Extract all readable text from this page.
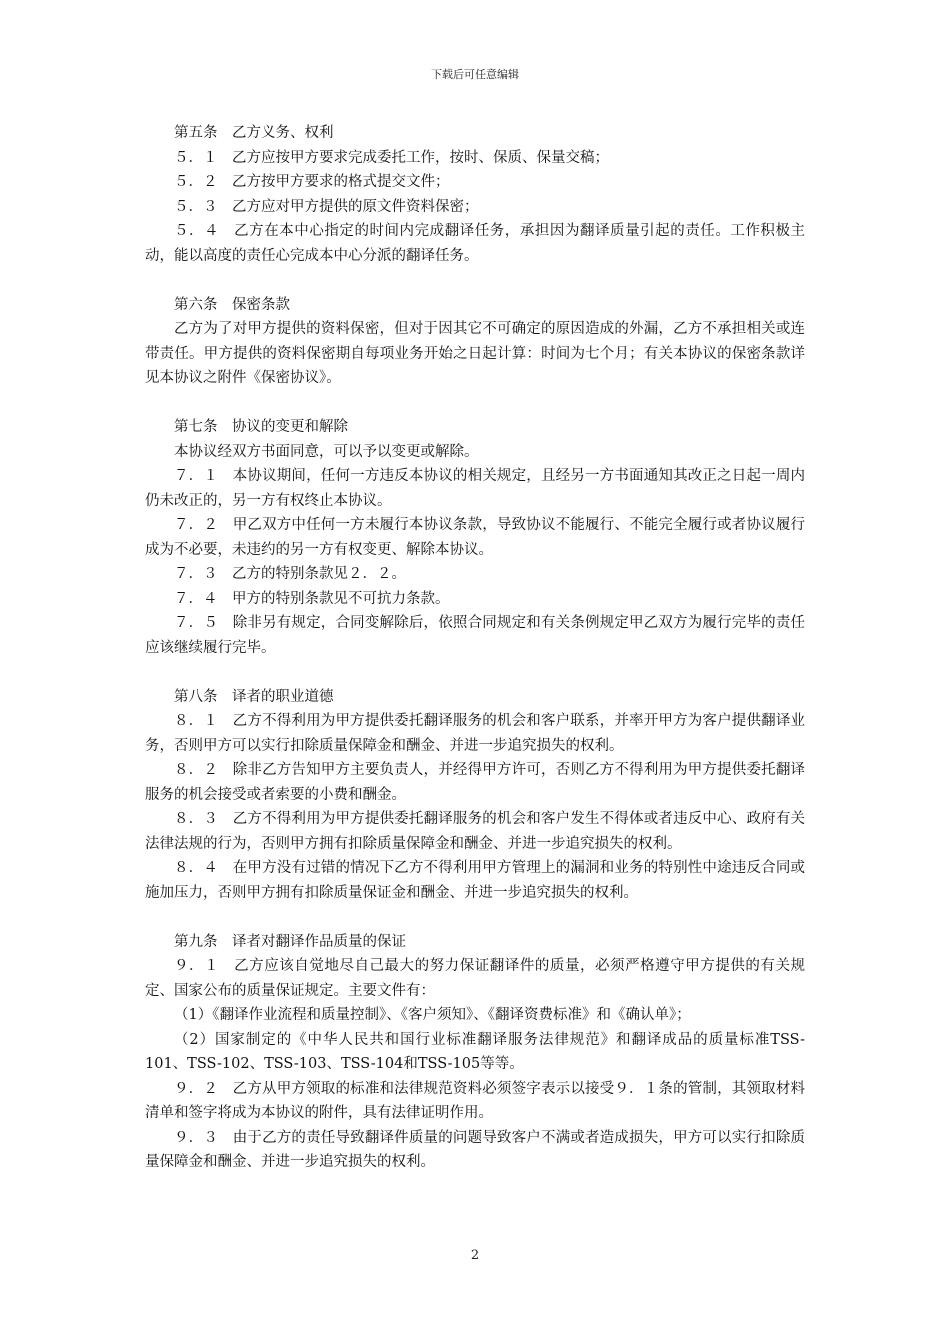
下载后可任意编辑

第五条　乙方义务、权利

５．１　乙方应按甲方要求完成委托工作，按时、保质、保量交稿；

５．２　乙方按甲方要求的格式提交文件；

５．３　乙方应对甲方提供的原文件资料保密；

５．４　乙方在本中心指定的时间内完成翻译任务，承担因为翻译质量引起的责任。工作积极主动，能以高度的责任心完成本中心分派的翻译任务。

第六条　保密条款

乙方为了对甲方提供的资料保密，但对于因其它不可确定的原因造成的外漏，乙方不承担相关或连带责任。甲方提供的资料保密期自每项业务开始之日起计算：时间为七个月；有关本协议的保密条款详见本协议之附件《保密协议》。

第七条　协议的变更和解除

本协议经双方书面同意，可以予以变更或解除。

７．１　本协议期间，任何一方违反本协议的相关规定，且经另一方书面通知其改正之日起一周内仍未改正的，另一方有权终止本协议。

７．２　甲乙双方中任何一方未履行本协议条款，导致协议不能履行、不能完全履行或者协议履行成为不必要，未违约的另一方有权变更、解除本协议。

７．３　乙方的特别条款见２．２。

７．４　甲方的特别条款见不可抗力条款。

７．５　除非另有规定，合同变解除后，依照合同规定和有关条例规定甲乙双方为履行完毕的责任应该继续履行完毕。

第八条　译者的职业道德

８．１　乙方不得利用为甲方提供委托翻译服务的机会和客户联系，并率开甲方为客户提供翻译业务，否则甲方可以实行扣除质量保障金和酬金、并进一步追究损失的权利。

８．２　除非乙方告知甲方主要负责人，并经得甲方许可，否则乙方不得利用为甲方提供委托翻译服务的机会接受或者索要的小费和酬金。

８．３　乙方不得利用为甲方提供委托翻译服务的机会和客户发生不得体或者违反中心、政府有关法律法规的行为，否则甲方拥有扣除质量保障金和酬金、并进一步追究损失的权利。

８．４　在甲方没有过错的情况下乙方不得利用甲方管理上的漏洞和业务的特别性中途违反合同或施加压力，否则甲方拥有扣除质量保证金和酬金、并进一步追究损失的权利。

第九条　译者对翻译作品质量的保证

９．１　乙方应该自觉地尽自己最大的努力保证翻译件的质量，必须严格遵守甲方提供的有关规定、国家公布的质量保证规定。主要文件有：

（1）《翻译作业流程和质量控制》、《客户须知》、《翻译资费标准》和《确认单》；

（2）国家制定的《中华人民共和国行业标准翻译服务法律规范》和翻译成品的质量标准TSS-101、TSS-102、TSS-103、TSS-104和TSS-105等等。

９．２　乙方从甲方领取的标准和法律规范资料必须签字表示以接受９．１条的管制，其领取材料清单和签字将成为本协议的附件，具有法律证明作用。

９．３　由于乙方的责任导致翻译件质量的问题导致客户不满或者造成损失，甲方可以实行扣除质量保障金和酬金、并进一步追究损失的权利。

2
